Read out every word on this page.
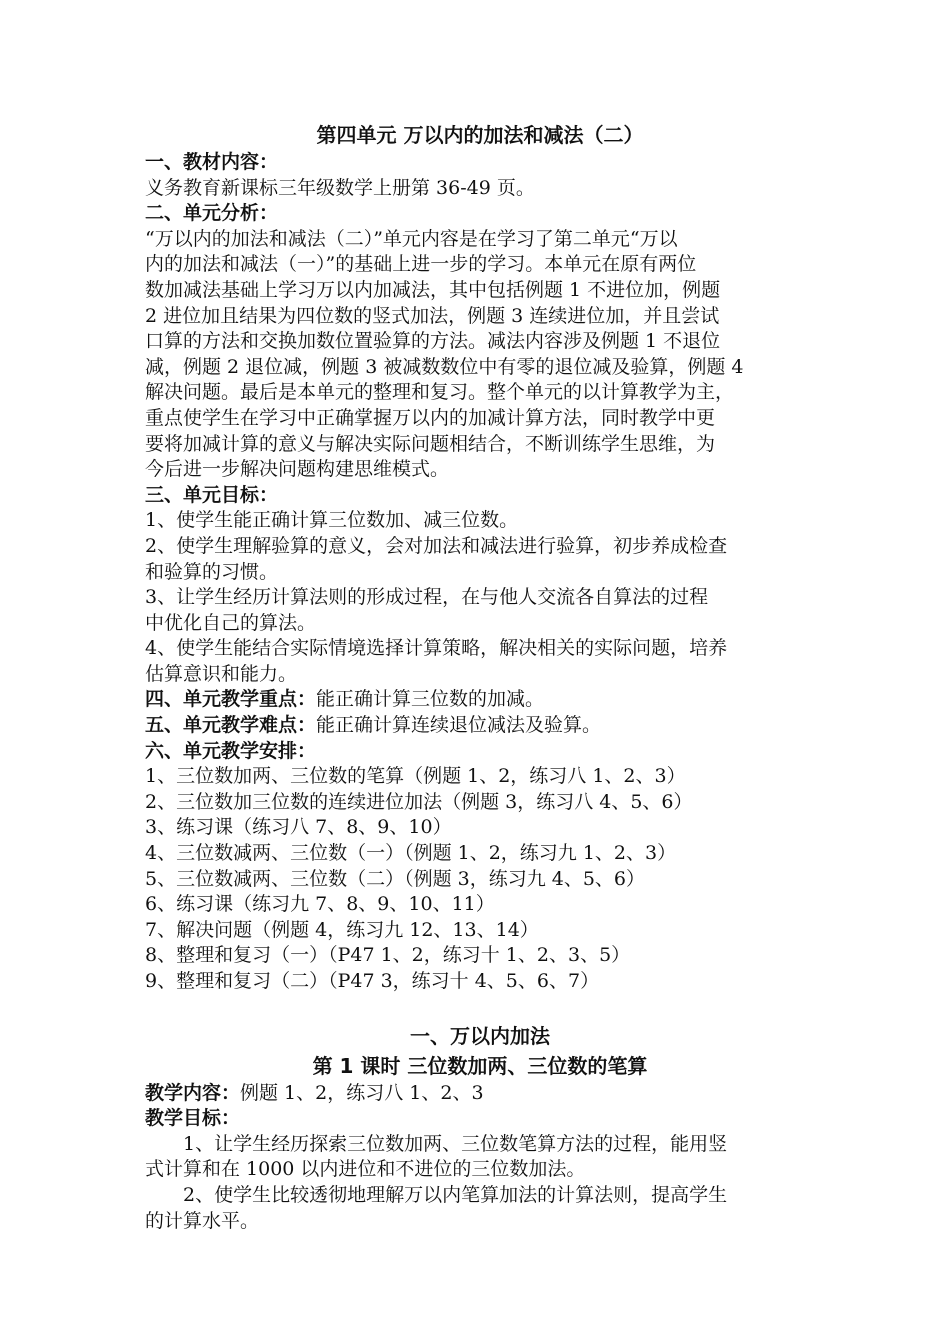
第四单元 万以内的加法和减法（二）
一、教材内容：
义务教育新课标三年级数学上册第 36-49 页。
二、单元分析：
“万以内的加法和减法（二）”单元内容是在学习了第二单元“万以
内的加法和减法（一）”的基础上进一步的学习。本单元在原有两位
数加减法基础上学习万以内加减法，其中包括例题 1 不进位加，例题
2 进位加且结果为四位数的竖式加法，例题 3 连续进位加，并且尝试
口算的方法和交换加数位置验算的方法。减法内容涉及例题 1 不退位
减，例题 2 退位减，例题 3 被减数数位中有零的退位减及验算，例题 4
解决问题。最后是本单元的整理和复习。整个单元的以计算教学为主，
重点使学生在学习中正确掌握万以内的加减计算方法，同时教学中更
要将加减计算的意义与解决实际问题相结合，不断训练学生思维，为
今后进一步解决问题构建思维模式。
三、单元目标：
1、使学生能正确计算三位数加、减三位数。
2、使学生理解验算的意义，会对加法和减法进行验算，初步养成检查
和验算的习惯。
3、让学生经历计算法则的形成过程，在与他人交流各自算法的过程
中优化自己的算法。
4、使学生能结合实际情境选择计算策略，解决相关的实际问题，培养
估算意识和能力。
四、单元教学重点：能正确计算三位数的加减。
五、单元教学难点：能正确计算连续退位减法及验算。
六、单元教学安排：
1、三位数加两、三位数的笔算（例题 1、2，练习八 1、2、3）
2、三位数加三位数的连续进位加法（例题 3，练习八 4、5、6）
3、练习课（练习八 7、8、9、10）
4、三位数减两、三位数（一）（例题 1、2，练习九 1、2、3）
5、三位数减两、三位数（二）（例题 3，练习九 4、5、6）
6、练习课（练习九 7、8、9、10、11）
7、解决问题（例题 4，练习九 12、13、14）
8、整理和复习（一）（P47 1、2，练习十 1、2、3、5）
9、整理和复习（二）（P47 3，练习十 4、5、6、7）
一、万以内加法
第 1 课时 三位数加两、三位数的笔算
教学内容：例题 1、2，练习八 1、2、3
教学目标：
1、让学生经历探索三位数加两、三位数笔算方法的过程，能用竖
式计算和在 1000 以内进位和不进位的三位数加法。
2、使学生比较透彻地理解万以内笔算加法的计算法则，提高学生
的计算水平。
